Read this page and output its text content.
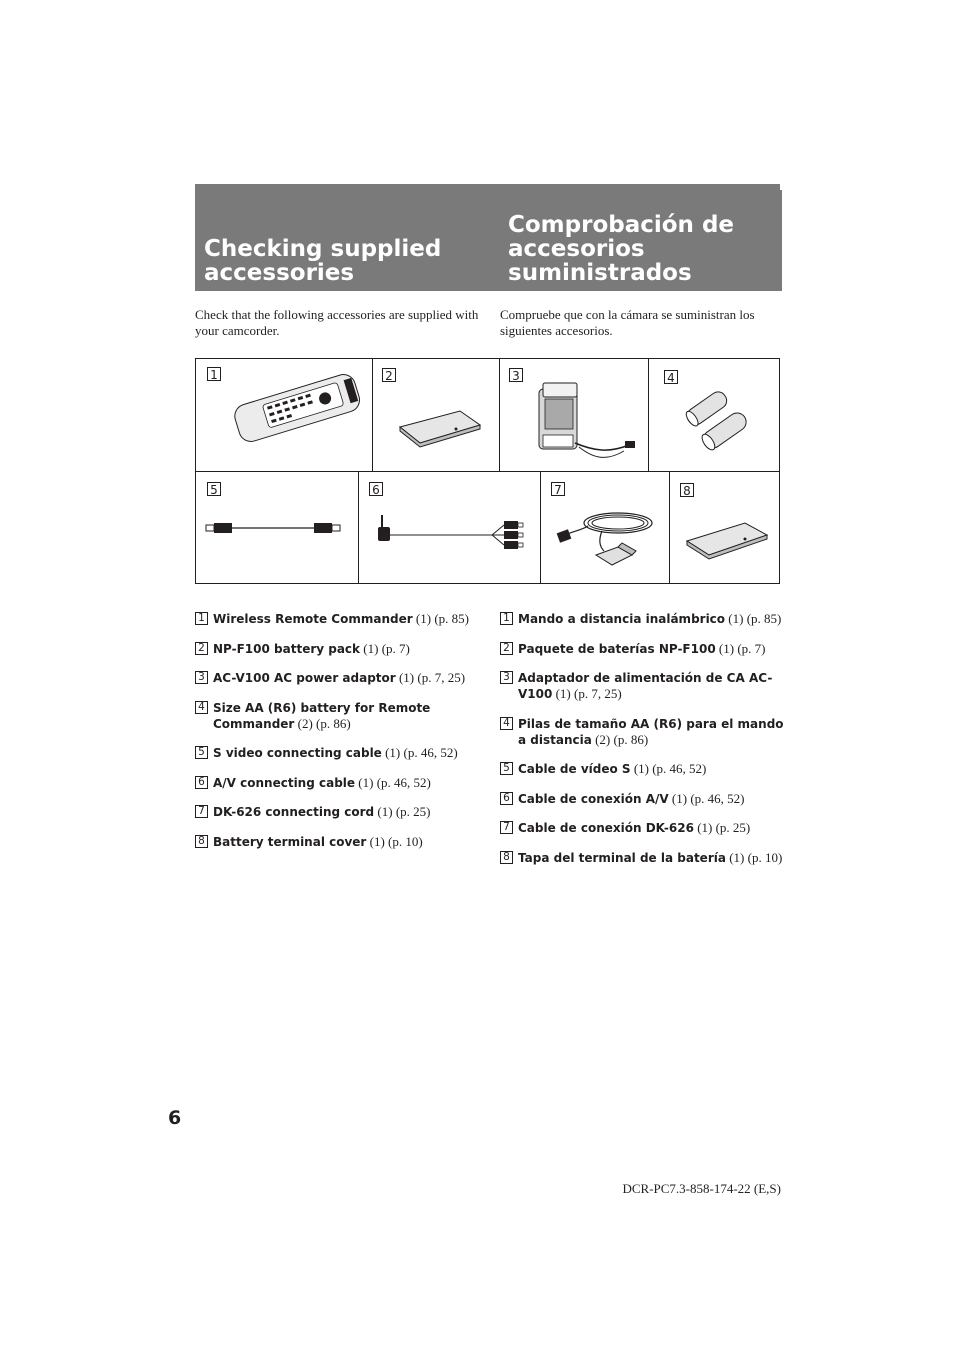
Checking supplied accessories
Comprobación de accesorios suministrados
Check that the following accessories are supplied with your camcorder.
Compruebe que con la cámara se suministran los siguientes accesorios.
1	2	3	4
5	6	7	8
1 Wireless Remote Commander (1) (p. 85)
2 NP-F100 battery pack (1) (p. 7)
3 AC-V100 AC power adaptor (1) (p. 7, 25)
4 Size AA (R6) battery for Remote Commander (2) (p. 86)
5 S video connecting cable (1) (p. 46, 52)
6 A/V connecting cable (1) (p. 46, 52)
7 DK-626 connecting cord (1) (p. 25)
8 Battery terminal cover (1) (p. 10)
1 Mando a distancia inalámbrico (1) (p. 85)
2 Paquete de baterías NP-F100 (1) (p. 7)
3 Adaptador de alimentación de CA AC-V100 (1) (p. 7, 25)
4 Pilas de tamaño AA (R6) para el mando a distancia (2) (p. 86)
5 Cable de vídeo S (1) (p. 46, 52)
6 Cable de conexión A/V (1) (p. 46, 52)
7 Cable de conexión DK-626 (1) (p. 25)
8 Tapa del terminal de la batería (1) (p. 10)
6
DCR-PC7.3-858-174-22 (E,S)
